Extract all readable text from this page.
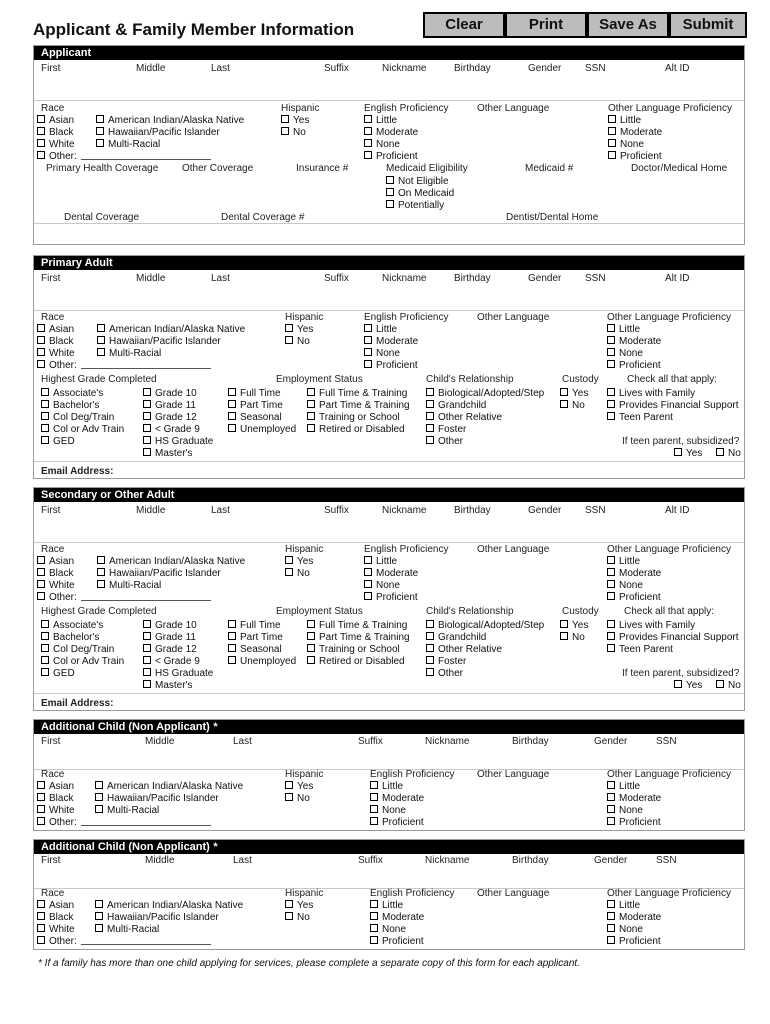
Applicant & Family Member Information	Clear	Print	Save As	Submit
Applicant
First	Middle	Last	Suffix	Nickname	Birthday	Gender SSN	Alt ID
Race
Asian
Black
White
Other:
American Indian/Alaska Native
Hawaiian/Pacific Islander
Multi-Racial
Hispanic
Yes
No
English Proficiency
Little
Moderate
None
Proficient
Other Language	Other Language Proficiency
Little
Moderate
None
Proficient
Primary Health Coverage Other Coverage	Insurance #	Medicaid Eligibility
Not Eligible
On Medicaid
Potentially
Medicaid #	Doctor/Medical Home
Dental Coverage	Dental Coverage #	Dentist/Dental Home
Primary Adult
First	Middle	Last	Suffix	Nickname	Birthday	Gender SSN	Alt ID
Race
Asian
Black
White
Other:
American Indian/Alaska Native
Hawaiian/Pacific Islander
Multi-Racial
Hispanic
Yes
No
English Proficiency
Little
Moderate
None
Proficient
Other Language	Other Language Proficiency
Little
Moderate
None
Proficient
Highest Grade Completed	Employment Status	Child's Relationship	Custody	Check all that apply:
Associate's
Bachelor's
Col Deg/Train
Col or Adv Train
GED
Grade 10
Grade 11
Grade 12
< Grade 9
HS Graduate
Master's
Full Time
Part Time
Seasonal
Unemployed
Full Time & Training
Part Time & Training
Training or School
Retired or Disabled
Biological/Adopted/Step
Grandchild
Other Relative
Foster
Other
Yes
No
Lives with Family
Provides Financial Support
Teen Parent
If teen parent, subsidized?
Yes	No
Email Address:
Secondary or Other Adult
First	Middle	Last	Suffix	Nickname	Birthday	Gender SSN	Alt ID
Race
Asian
Black
White
Other:
American Indian/Alaska Native
Hawaiian/Pacific Islander
Multi-Racial
Hispanic
Yes
No
English Proficiency
Little
Moderate
None
Proficient
Other Language	Other Language Proficiency
Little
Moderate
None
Proficient
Highest Grade Completed	Employment Status	Child's Relationship	Custody	Check all that apply:
Associate's
Bachelor's
Col Deg/Train
Col or Adv Train
GED
Grade 10
Grade 11
Grade 12
< Grade 9
HS Graduate
Master's
Full Time
Part Time
Seasonal
Unemployed
Full Time & Training
Part Time & Training
Training or School
Retired or Disabled
Biological/Adopted/Step
Grandchild
Other Relative
Foster
Other
Yes
No
Lives with Family
Provides Financial Support
Teen Parent
If teen parent, subsidized?
Yes	No
Email Address:
Additional Child (Non Applicant) *
First	Middle	Last	Suffix	Nickname	Birthday	Gender	SSN
Race
Asian
Black
White
Other:
American Indian/Alaska Native
Hawaiian/Pacific Islander
Multi-Racial
Hispanic
Yes
No
English Proficiency
Little
Moderate
None
Proficient
Other Language	Other Language Proficiency
Little
Moderate
None
Proficient
Additional Child (Non Applicant) *
First	Middle	Last	Suffix	Nickname	Birthday	Gender	SSN
Race
Asian
Black
White
Other:
American Indian/Alaska Native
Hawaiian/Pacific Islander
Multi-Racial
Hispanic
Yes
No
English Proficiency
Little
Moderate
None
Proficient
Other Language	Other Language Proficiency
Little
Moderate
None
Proficient
* If a family has more than one child applying for services, please complete a separate copy of this form for each applicant.
